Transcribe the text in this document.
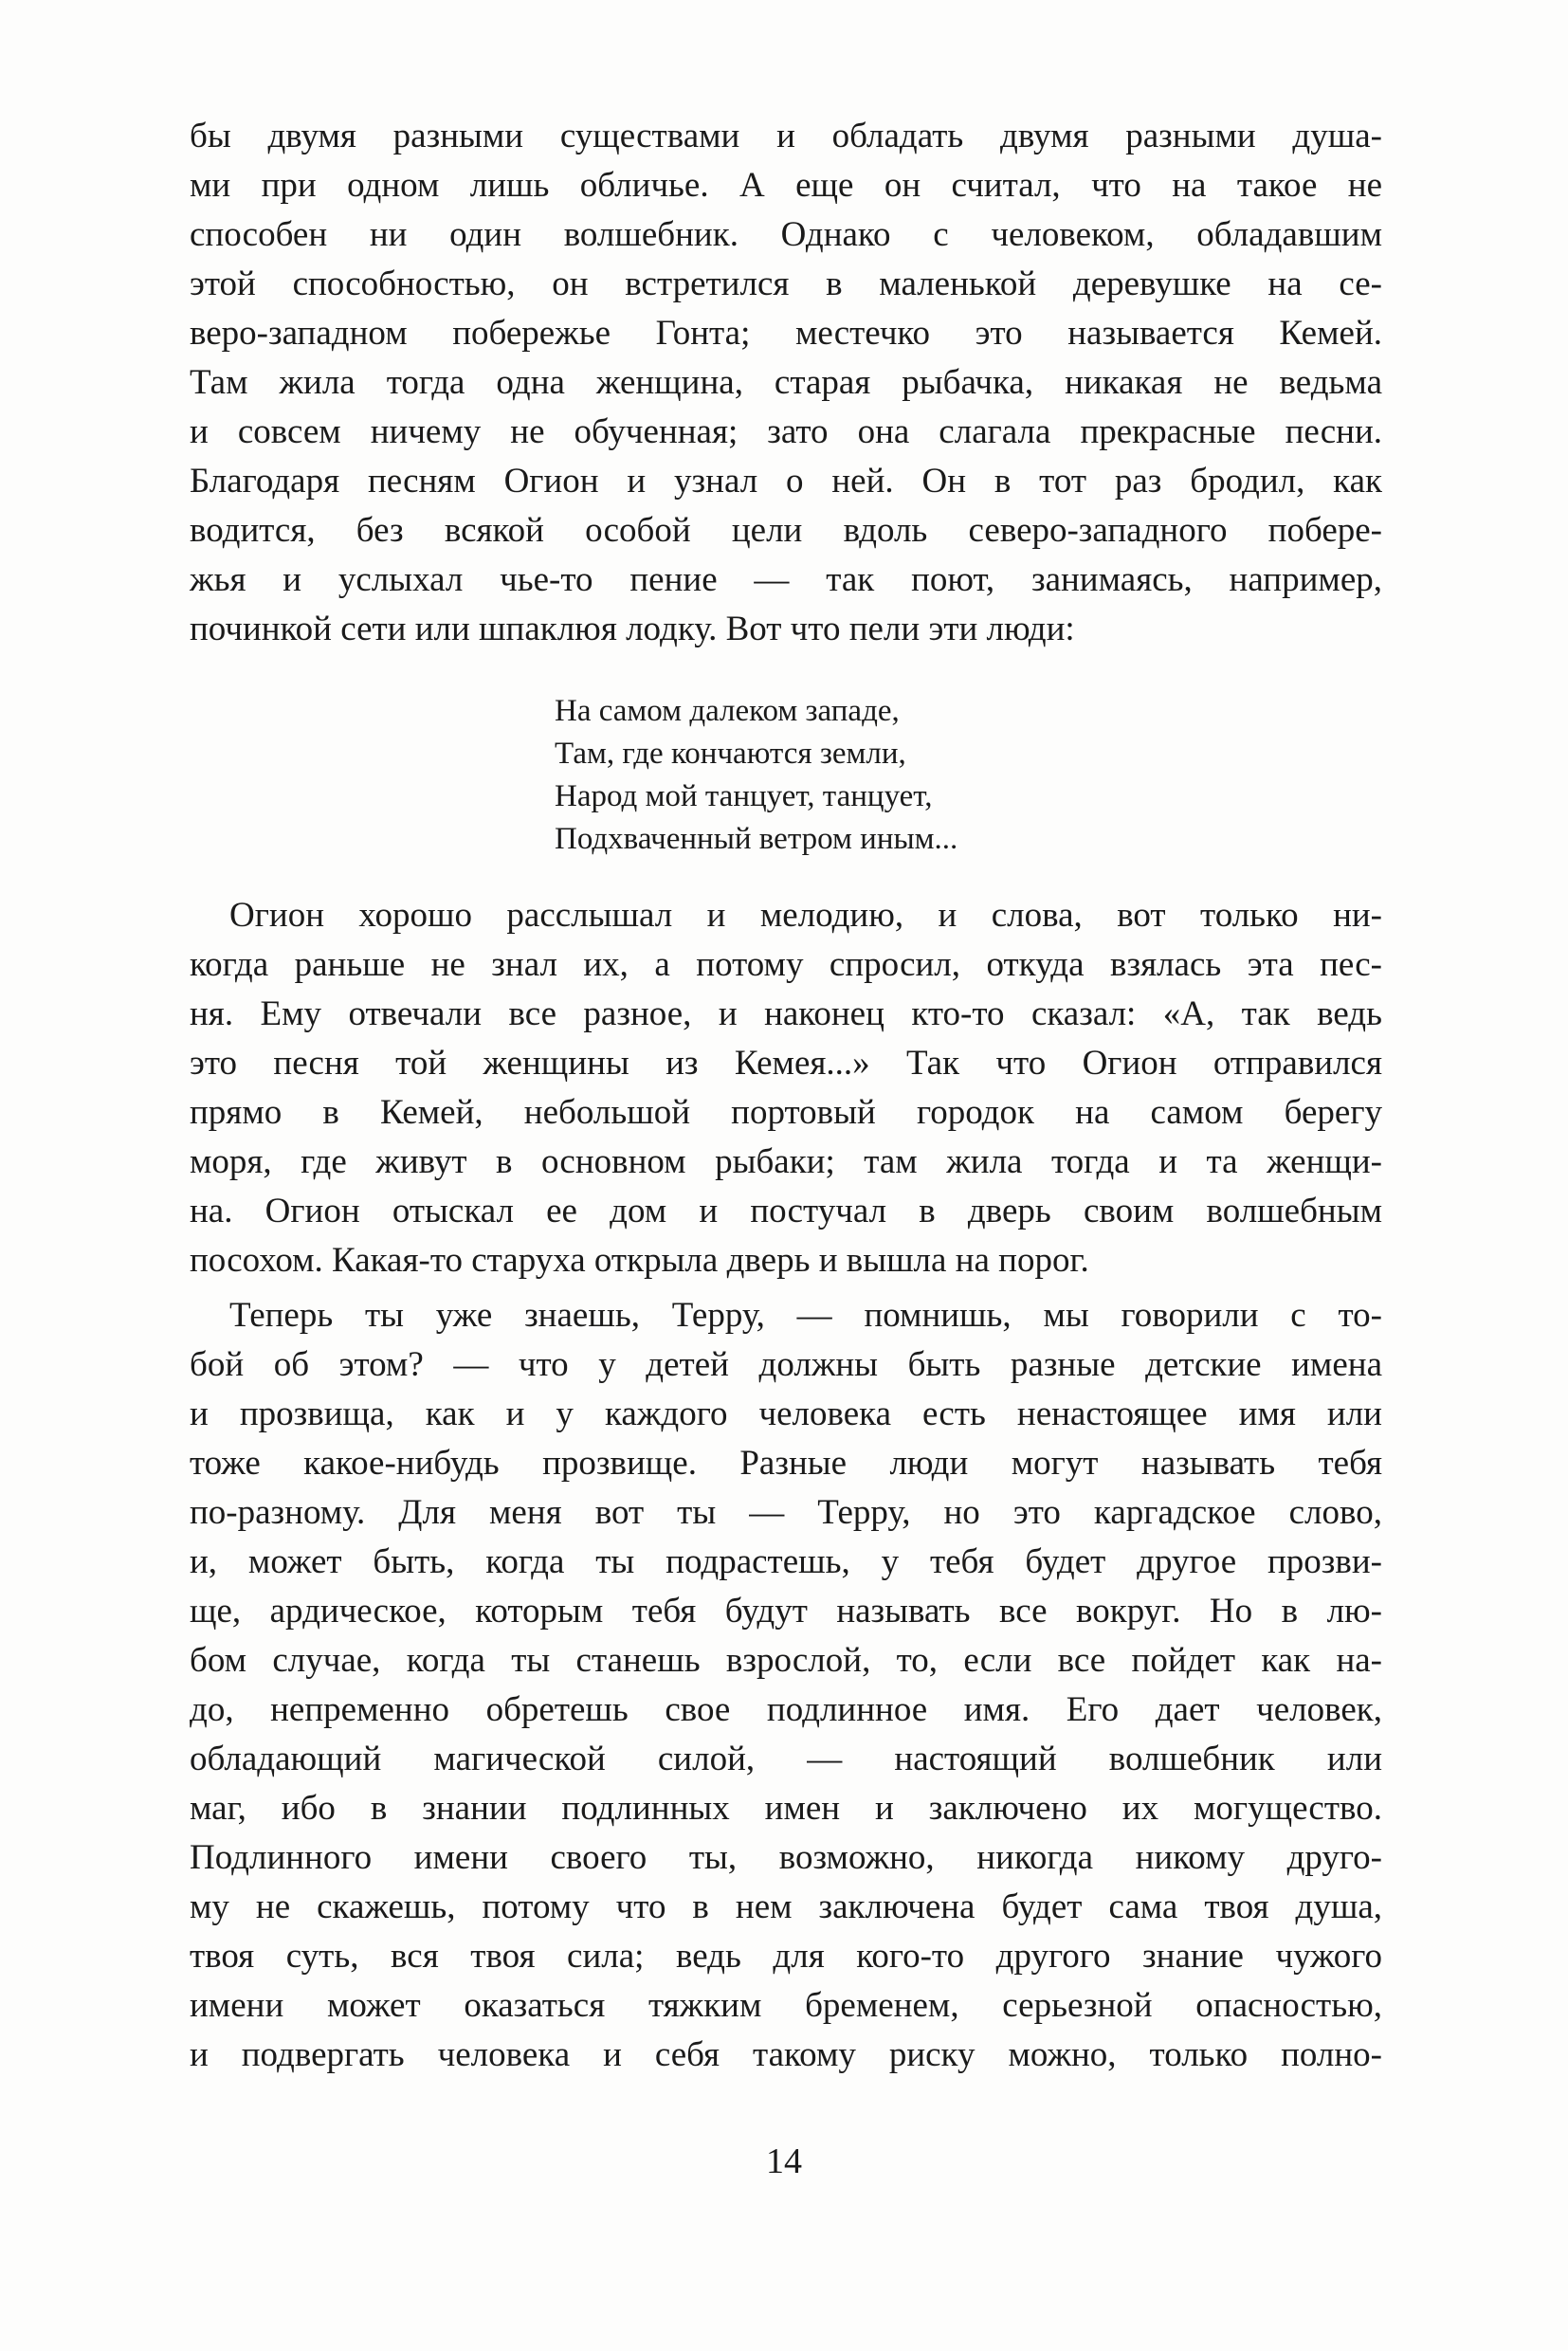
бы двумя разными существами и обладать двумя разными душа-
ми при одном лишь обличье. А еще он считал, что на такое не
способен ни один волшебник. Однако с человеком, обладавшим
этой способностью, он встретился в маленькой деревушке на се-
веро-западном побережье Гонта; местечко это называется Кемей.
Там жила тогда одна женщина, старая рыбачка, никакая не ведьма
и совсем ничему не обученная; зато она слагала прекрасные песни.
Благодаря песням Огион и узнал о ней. Он в тот раз бродил, как
водится, без всякой особой цели вдоль северо-западного побере-
жья и услыхал чье-то пение — так поют, занимаясь, например,
починкой сети или шпаклюя лодку. Вот что пели эти люди:
На самом далеком западе,
Там, где кончаются земли,
Народ мой танцует, танцует,
Подхваченный ветром иным...
Огион хорошо расслышал и мелодию, и слова, вот только ни-
когда раньше не знал их, а потому спросил, откуда взялась эта пес-
ня. Ему отвечали все разное, и наконец кто-то сказал: «А, так ведь
это песня той женщины из Кемея...» Так что Огион отправился
прямо в Кемей, небольшой портовый городок на самом берегу
моря, где живут в основном рыбаки; там жила тогда и та женщи-
на. Огион отыскал ее дом и постучал в дверь своим волшебным
посохом. Какая-то старуха открыла дверь и вышла на порог.
Теперь ты уже знаешь, Терру, — помнишь, мы говорили с то-
бой об этом? — что у детей должны быть разные детские имена
и прозвища, как и у каждого человека есть ненастоящее имя или
тоже какое-нибудь прозвище. Разные люди могут называть тебя
по-разному. Для меня вот ты — Терру, но это каргадское слово,
и, может быть, когда ты подрастешь, у тебя будет другое прозви-
ще, ардическое, которым тебя будут называть все вокруг. Но в лю-
бом случае, когда ты станешь взрослой, то, если все пойдет как на-
до, непременно обретешь свое подлинное имя. Его дает человек,
обладающий магической силой, — настоящий волшебник или
маг, ибо в знании подлинных имен и заключено их могущество.
Подлинного имени своего ты, возможно, никогда никому друго-
му не скажешь, потому что в нем заключена будет сама твоя душа,
твоя суть, вся твоя сила; ведь для кого-то другого знание чужого
имени может оказаться тяжким бременем, серьезной опасностью,
и подвергать человека и себя такому риску можно, только полно-
14
